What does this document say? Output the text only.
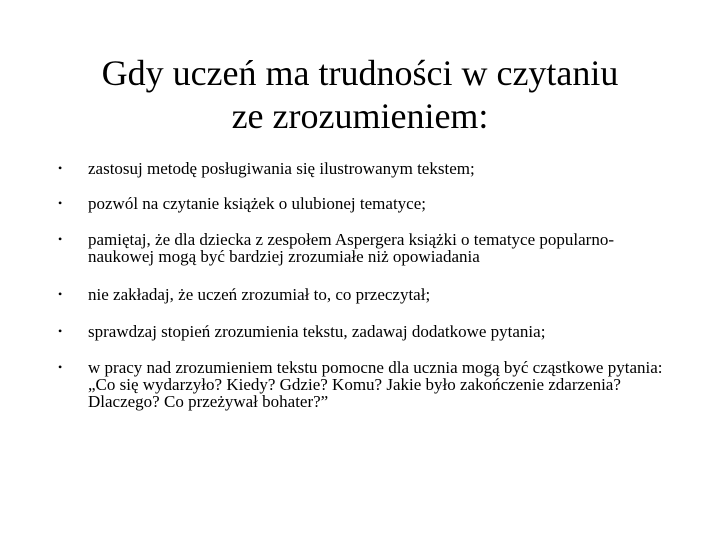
Gdy uczeń ma trudności w czytaniu
ze zrozumieniem:
• zastosuj metodę posługiwania się ilustrowanym tekstem;
• pozwól na czytanie książek o ulubionej tematyce;
• pamiętaj, że dla dziecka z zespołem Aspergera książki o tematyce popularno-naukowej mogą być bardziej zrozumiałe niż opowiadania
• nie zakładaj, że uczeń zrozumiał to, co przeczytał;
• sprawdzaj stopień zrozumienia tekstu, zadawaj dodatkowe pytania;
• w pracy nad zrozumieniem tekstu pomocne dla ucznia mogą być cząstkowe pytania: „Co się wydarzyło? Kiedy? Gdzie? Komu? Jakie było zakończenie zdarzenia? Dlaczego? Co przeżywał bohater?”
